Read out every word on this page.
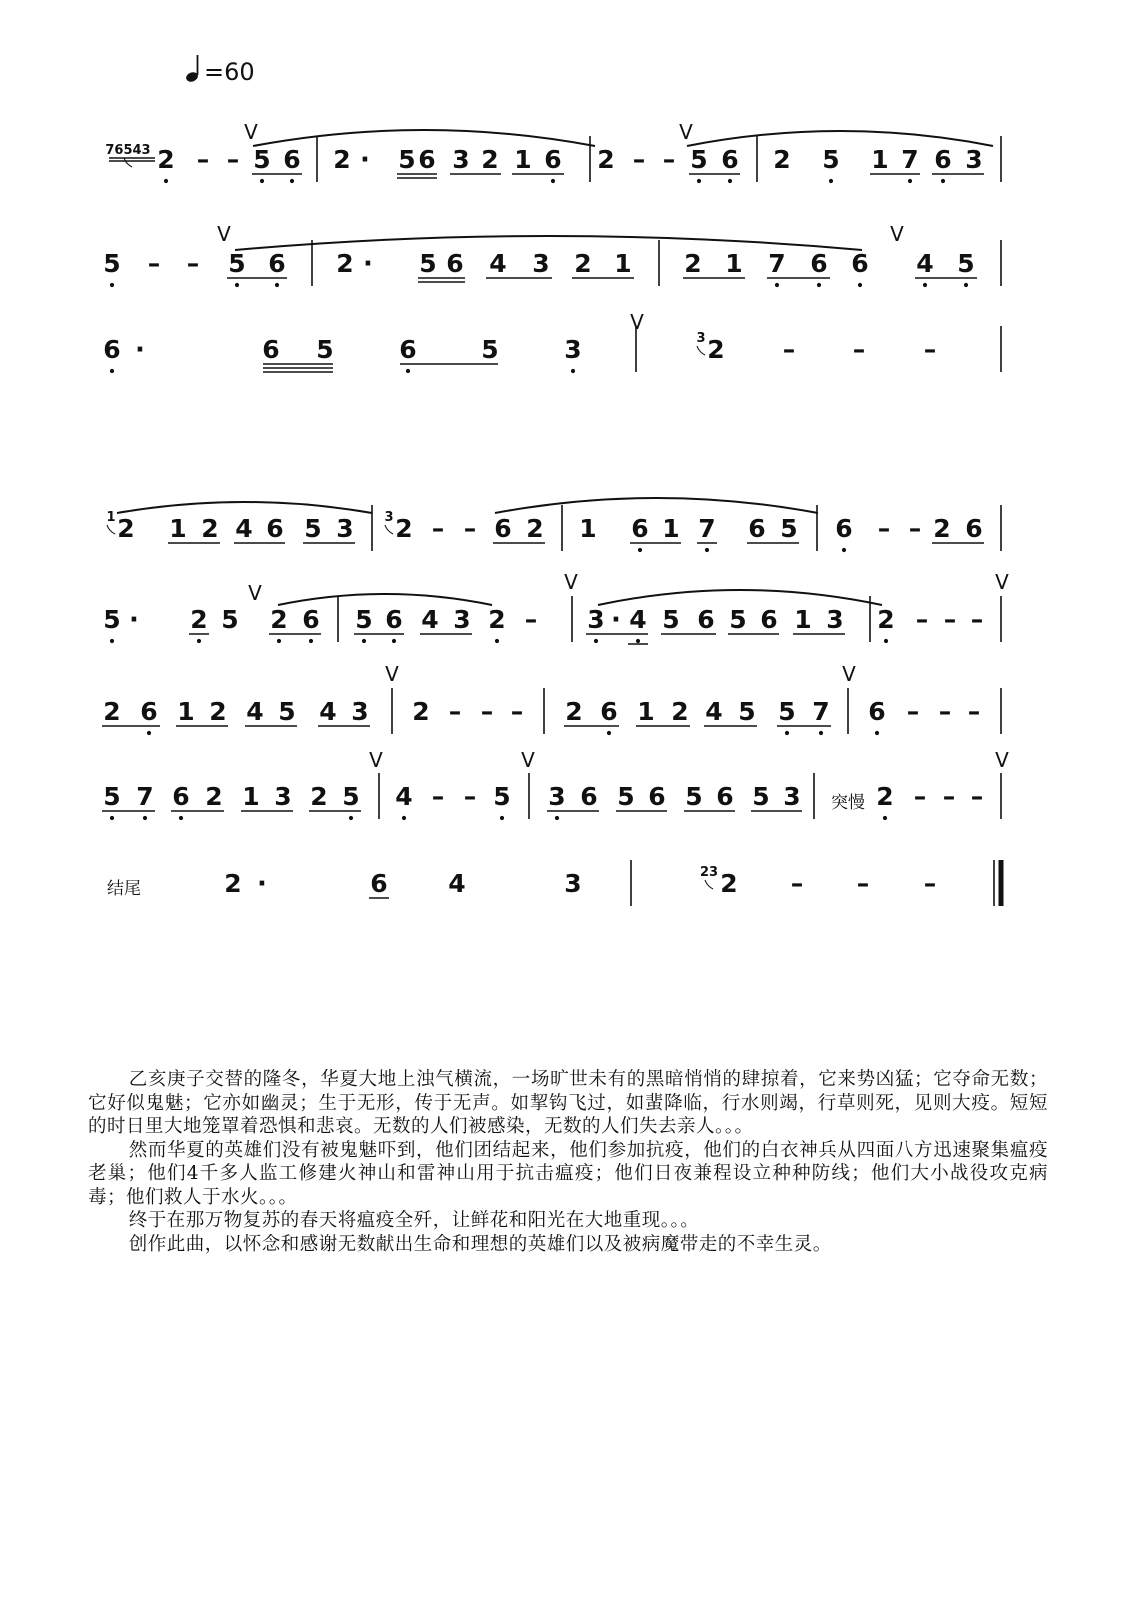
=60
76543 2 – – 5 6 2 · 5 6 3 2 1 6 2 – – 5 6 2 5 1 7 6 3
V	V
5 – – 5 6 2 · 5 6 4 3 2 1 2 1 7 6 6 4 5
V	V
6 ·	6 5	6	5	3	3 2 – – –
V
1 2 1 2 4 6 5 3 3 2 – – 6 2 1 6 1 7 6 5 6 – – 2 6
5 · 2 5 2 6 5 6 4 3 2 – 3 · 4 5 6 5 6 1 3 2 – – –
V	V	V
2 6 1 2 4 5 4 3 2 – – – 2 6 1 2 4 5 5 7 6 – – –
V	V
5 7 6 2 1 3 2 5 4 – – 5 3 6 5 6 5 6 5 3 突慢 2 – – –
V	V	V
结尾	2 ·	6 4	3	23 2 – – –

乙亥庚子交替的隆冬，华夏大地上浊气横流，一场旷世未有的黑暗悄悄的肆掠着，它来势凶猛；它夺命无数；它好似鬼魅；它亦如幽灵；生于无形，传于无声。如挈钩飞过，如蜚降临，行水则竭，行草则死，见则大疫。短短的时日里大地笼罩着恐惧和悲哀。无数的人们被感染，无数的人们失去亲人。。。

然而华夏的英雄们没有被鬼魅吓到，他们团结起来，他们参加抗疫，他们的白衣神兵从四面八方迅速聚集瘟疫老巢；他们4千多人监工修建火神山和雷神山用于抗击瘟疫；他们日夜兼程设立种种防线；他们大小战役攻克病毒；他们救人于水火。。。

终于在那万物复苏的春天将瘟疫全歼，让鲜花和阳光在大地重现。。。

创作此曲，以怀念和感谢无数献出生命和理想的英雄们以及被病魔带走的不幸生灵。
